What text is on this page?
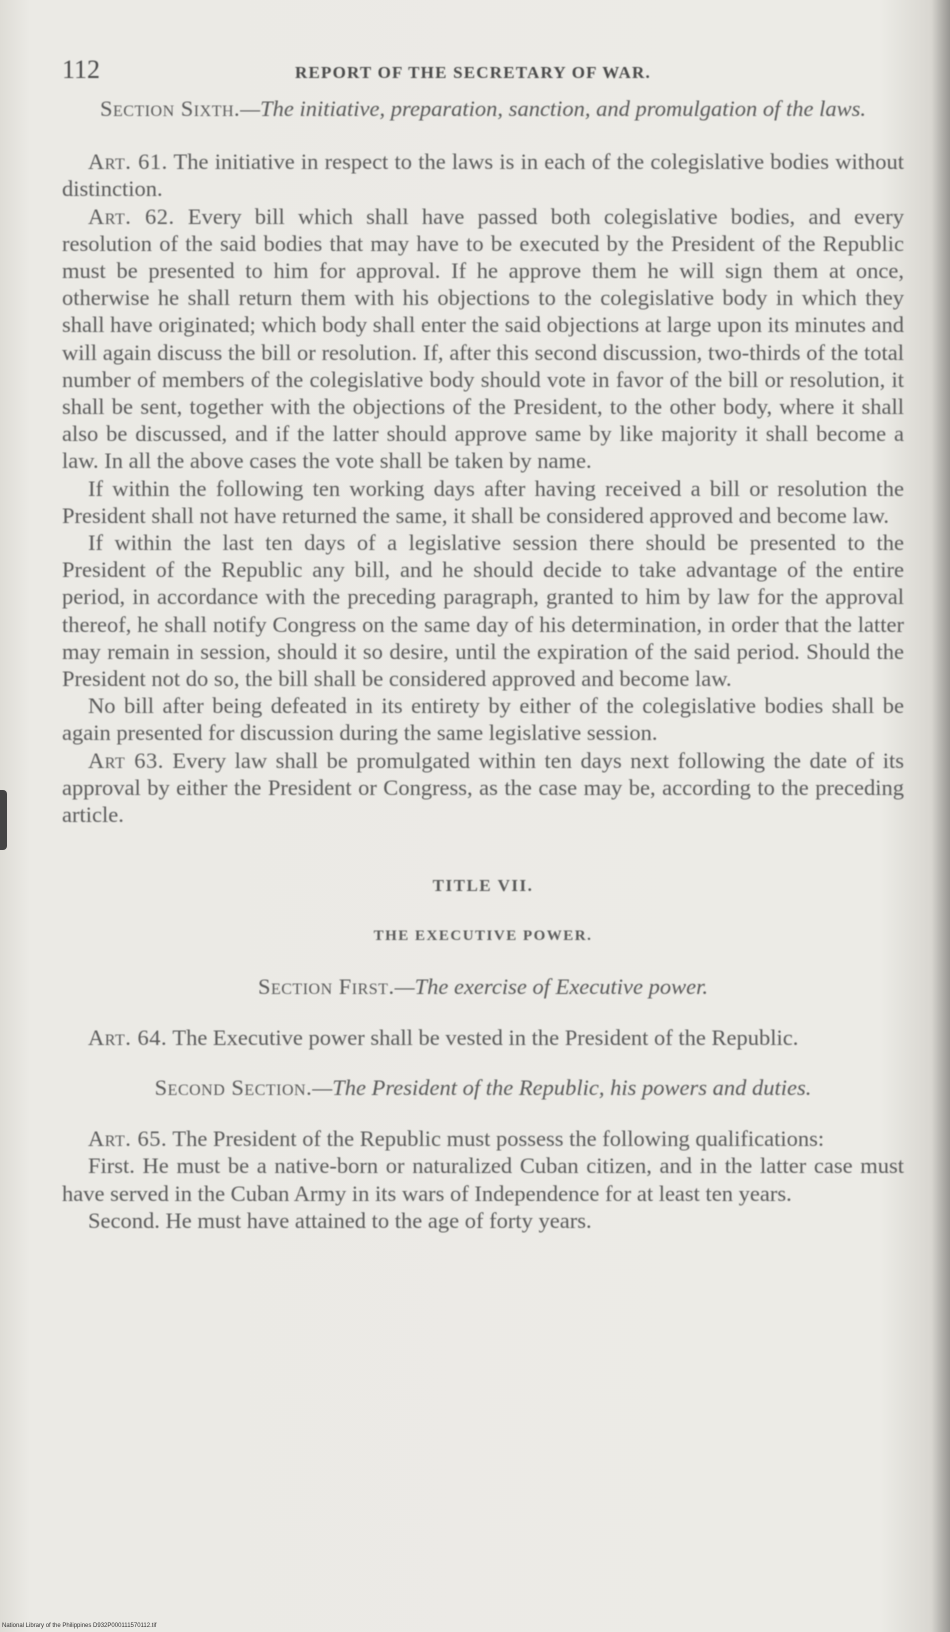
112	REPORT OF THE SECRETARY OF WAR.
Section Sixth.—The initiative, preparation, sanction, and promulgation of the laws.

Art. 61. The initiative in respect to the laws is in each of the colegislative bodies without distinction.

Art. 62. Every bill which shall have passed both colegislative bodies, and every resolution of the said bodies that may have to be executed by the President of the Republic must be presented to him for approval. If he approve them he will sign them at once, otherwise he shall return them with his objections to the colegislative body in which they shall have originated; which body shall enter the said objections at large upon its minutes and will again discuss the bill or resolution. If, after this second discussion, two-thirds of the total number of members of the colegislative body should vote in favor of the bill or resolution, it shall be sent, together with the objections of the President, to the other body, where it shall also be discussed, and if the latter should approve same by like majority it shall become a law. In all the above cases the vote shall be taken by name.

If within the following ten working days after having received a bill or resolution the President shall not have returned the same, it shall be considered approved and become law.

If within the last ten days of a legislative session there should be presented to the President of the Republic any bill, and he should decide to take advantage of the entire period, in accordance with the preceding paragraph, granted to him by law for the approval thereof, he shall notify Congress on the same day of his determination, in order that the latter may remain in session, should it so desire, until the expiration of the said period. Should the President not do so, the bill shall be considered approved and become law.

No bill after being defeated in its entirety by either of the colegislative bodies shall be again presented for discussion during the same legislative session.

Art 63. Every law shall be promulgated within ten days next following the date of its approval by either the President or Congress, as the case may be, according to the preceding article.

TITLE VII.
THE EXECUTIVE POWER.
Section First.—The exercise of Executive power.

Art. 64. The Executive power shall be vested in the President of the Republic.

Second Section.—The President of the Republic, his powers and duties.

Art. 65. The President of the Republic must possess the following qualifications:

First. He must be a native-born or naturalized Cuban citizen, and in the latter case must have served in the Cuban Army in its wars of Independence for at least ten years.

Second. He must have attained to the age of forty years.

National Library of the Philippines D932P000111570112.tif
